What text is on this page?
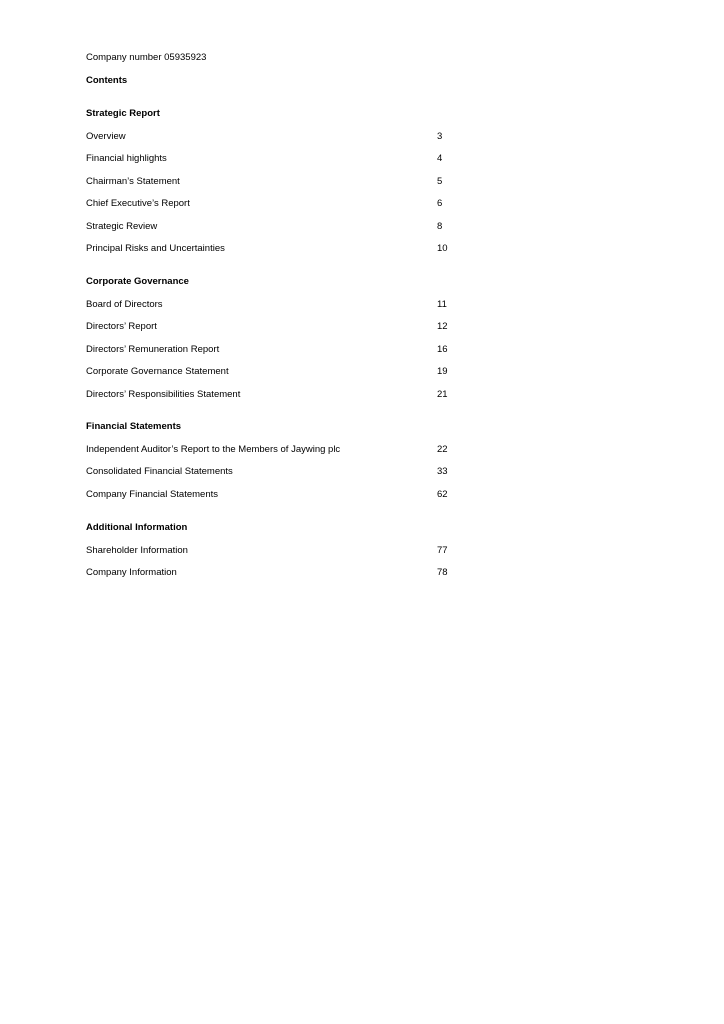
Company number 05935923
Contents
Strategic Report
Overview	3
Financial highlights	4
Chairman’s Statement	5
Chief Executive’s Report	6
Strategic Review	8
Principal Risks and Uncertainties	10
Corporate Governance
Board of Directors	11
Directors’ Report	12
Directors’ Remuneration Report	16
Corporate Governance Statement	19
Directors’ Responsibilities Statement	21
Financial Statements
Independent Auditor’s Report to the Members of Jaywing plc	22
Consolidated Financial Statements	33
Company Financial Statements	62
Additional Information
Shareholder Information	77
Company Information	78
